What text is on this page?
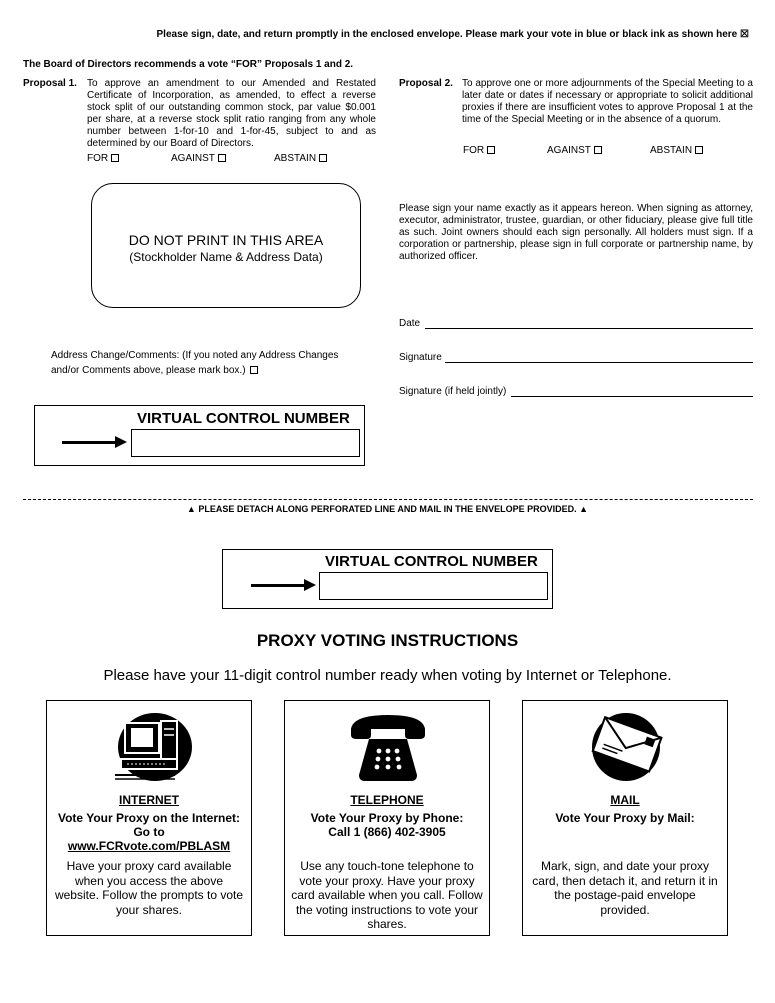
Please sign, date, and return promptly in the enclosed envelope. Please mark your vote in blue or black ink as shown here ☒
The Board of Directors recommends a vote “FOR” Proposals 1 and 2.
Proposal 1. To approve an amendment to our Amended and Restated Certificate of Incorporation, as amended, to effect a reverse stock split of our outstanding common stock, par value $0.001 per share, at a reverse stock split ratio ranging from any whole number between 1-for-10 and 1-for-45, subject to and as determined by our Board of Directors.
FOR	AGAINST	ABSTAIN
Proposal 2. To approve one or more adjournments of the Special Meeting to a later date or dates if necessary or appropriate to solicit additional proxies if there are insufficient votes to approve Proposal 1 at the time of the Special Meeting or in the absence of a quorum.
FOR	AGAINST	ABSTAIN
DO NOT PRINT IN THIS AREA
(Stockholder Name & Address Data)
Address Change/Comments: (If you noted any Address Changes and/or Comments above, please mark box.)
Please sign your name exactly as it appears hereon. When signing as attorney, executor, administrator, trustee, guardian, or other fiduciary, please give full title as such. Joint owners should each sign personally. All holders must sign. If a corporation or partnership, please sign in full corporate or partnership name, by authorized officer.
Date
Signature
Signature (if held jointly)
VIRTUAL CONTROL NUMBER
▲ PLEASE DETACH ALONG PERFORATED LINE AND MAIL IN THE ENVELOPE PROVIDED. ▲
VIRTUAL CONTROL NUMBER
PROXY VOTING INSTRUCTIONS
Please have your 11-digit control number ready when voting by Internet or Telephone.
INTERNET
Vote Your Proxy on the Internet:
Go to
www.FCRvote.com/PBLASM
Have your proxy card available when you access the above website. Follow the prompts to vote your shares.
TELEPHONE
Vote Your Proxy by Phone:
Call 1 (866) 402-3905
Use any touch-tone telephone to vote your proxy. Have your proxy card available when you call. Follow the voting instructions to vote your shares.
MAIL
Vote Your Proxy by Mail:
Mark, sign, and date your proxy card, then detach it, and return it in the postage-paid envelope provided.
